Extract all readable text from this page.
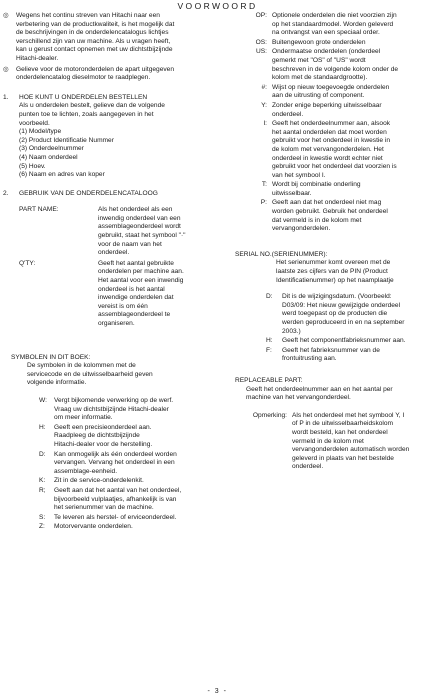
VOORWOORD
◎	Wegens het continu streven van Hitachi naar een
verbetering van de productkwaliteit, is het mogelijk dat
de beschrijvingen in de onderdelencatalogus lichtjes
verschillend zijn van uw machine. Als u vragen heeft,
kan u gerust contact opnemen met uw dichtstbijzijnde
Hitachi-dealer.
◎	Gelieve voor de motoronderdelen de apart uitgegeven
onderdelencatalog dieselmotor te raadplegen.
1.	HOE KUNT U ONDERDELEN BESTELLEN
Als u onderdelen bestelt, gelieve dan de volgende
punten toe te lichten, zoals aangegeven in het
voorbeeld.
(1) Model/type
(2) Product Identificatie Nummer
(3) Onderdeelnummer
(4) Naam onderdeel
(5) Hoev.
(6) Naam en adres van koper
2.	GEBRUIK VAN DE ONDERDELENCATALOOG
PART NAME:	Als het onderdeel als een
inwendig onderdeel van een
assemblageonderdeel wordt
gebruikt, staat het symbool "·"
voor de naam van het
onderdeel.
Q'TY:	Geeft het aantal gebruikte
onderdelen per machine aan.
Het aantal voor een inwendig
onderdeel is het aantal
inwendige onderdelen dat
vereist is om één
assemblageonderdeel te
organiseren.
SYMBOLEN IN DIT BOEK:
De symbolen in de kolommen met de
servicecode en de uitwisselbaarheid geven
volgende informatie.
W:	Vergt bijkomende verwerking op de werf.
Vraag uw dichtstbijzijnde Hitachi-dealer
om meer informatie.
H:	Geeft een precisieonderdeel aan.
Raadpleeg de dichtstbijzijnde
Hitachi-dealer voor de herstelling.
D:	Kan onmogelijk als één onderdeel worden
vervangen. Vervang het onderdeel in een
assemblage-eenheid.
K:	Zit in de service-onderdelenkit.
R;	Geeft aan dat het aantal van het onderdeel,
bijvoorbeeld vulplaatjes, afhankelijk is van
het serienummer van de machine.
S:	Te leveren als herstel- of erviceonderdeel.
Z:	Motorvervante onderdelen.
OP: Optionele onderdelen die niet voorzien zijn
op het standaardmodel. Worden geleverd
na ontvangst van een speciaal order.
OS: Buitengewoon grote onderdelen
US: Ondermaatse onderdelen (onderdeel
gemerkt met "OS" of "US" wordt
beschreven in de volgende kolom onder de
kolom met de standaardgrootte).
#: Wijst op nieuw toegevoegde onderdelen
aan de uitrusting of component.
Y: Zonder enige beperking uitwisselbaar
onderdeel.
I: Geeft het onderdeelnummer aan, alsook
het aantal onderdelen dat moet worden
gebruikt voor het onderdeel in kwestie in
de kolom met vervangonderdelen. Het
onderdeel in kwestie wordt echter niet
gebruikt voor het onderdeel dat voorzien is
van het symbool I.
T: Wordt bij combinatie onderling
uitwisselbaar.
P: Geeft aan dat het onderdeel niet mag
worden gebruikt. Gebruik het onderdeel
dat vermeld is in de kolom met
vervangonderdelen.
SERIAL NO.(SERIENUMMER):
Het serienummer komt overeen met de
laatste zes cijfers van de PIN (Product
Identificatienummer) op het naamplaatje
D:	Dit is de wijzigingsdatum. (Voorbeeld:
D03/09: Het nieuw gewijzigde onderdeel
werd toegepast op de producten die
werden geproduceerd in en na september
2003.)
H:	Geeft het componentfabrieksnummer aan.
F:	Geeft het fabrieksnummer van de
frontuitrusting aan.
REPLACEABLE PART:
Geeft het onderdeelnummer aan en het aantal per
machine van het vervangonderdeel.
Opmerking: Als het onderdeel met het symbool Y, I
of P in de uitwisselbaarheidskolom
wordt besteld, kan het onderdeel
vermeld in de kolom met
vervangonderdelen automatisch worden
geleverd in plaats van het bestelde
onderdeel.
- 3 -
